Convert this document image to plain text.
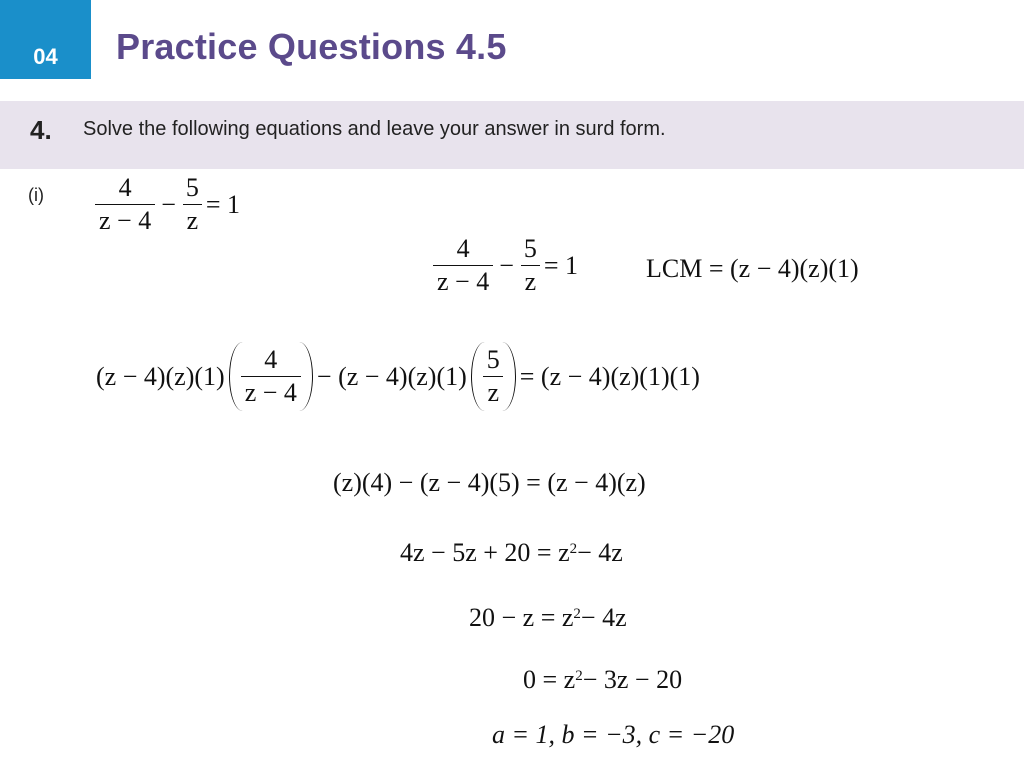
04 Practice Questions 4.5
4. Solve the following equations and leave your answer in surd form.
$(i) \frac{4}{z - 4} - \frac{5}{z} = 1$
$\frac{4}{z - 4} - \frac{5}{z} = 1$	LCM = (z − 4)(z)(1)
$(z - 4)(z)(1) \frac{4}{z - 4} - (z - 4)(z)(1) \frac{5}{z} = (z - 4)(z)(1)(1)$
(z)(4) − (z − 4)(5) = (z − 4)(z)
$4z - 5z + 20 = z^2 - 4z$
$20 - z = z^2 - 4z$
$0 = z^2 - 3z - 20$
a = 1, b = −3, c = −20
